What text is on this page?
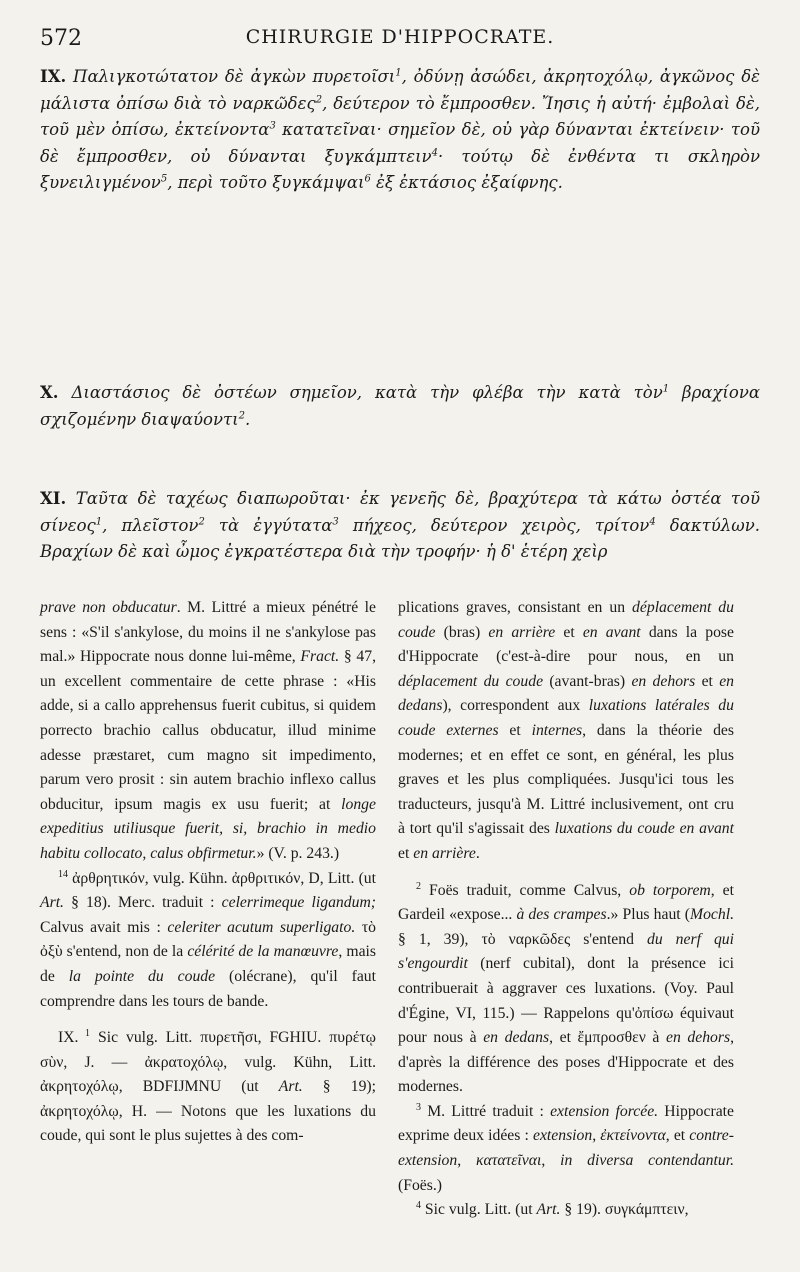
572	CHIRURGIE D'HIPPOCRATE.

IX. Παλιγκοτώτατον δὲ ἀγκὼν πυρετοῖσι$^1$, ὀδύνῃ ἀσώδει, ἀκρητοχόλῳ, ἀγκῶνος δὲ μάλιστα ὀπίσω διὰ τὸ ναρκῶδες$^2$, δεύτερον τὸ ἔμπροσθεν. Ἴησις ἡ αὐτή· ἐμβολαὶ δὲ, τοῦ μὲν ὀπίσω, ἐκτείνοντα$^3$ κατατεῖναι· σημεῖον δὲ, οὐ γὰρ δύνανται ἐκτείνειν· τοῦ δὲ ἔμπροσθεν, οὐ δύνανται ξυγκάμπτειν$^4$· τούτῳ δὲ ἐνθέντα τι σκληρὸν ξυνειλιγμένον$^5$, περὶ τοῦτο ξυγκάμψαι$^6$ ἐξ ἐκτάσιος ἐξαίφνης.

X. Διαστάσιος δὲ ὀστέων σημεῖον, κατὰ τὴν φλέβα τὴν κατὰ τὸν$^1$ βραχίονα σχιζομένην διαψαύοντι$^2$.

XI. Ταῦτα δὲ ταχέως διαπωροῦται· ἐκ γενεῆς δὲ, βραχύτερα τὰ κάτω ὀστέα τοῦ σίνεος$^1$, πλεῖστον$^2$ τὰ ἐγγύτατα$^3$ πήχεος, δεύτερον χειρὸς, τρίτον$^4$ δακτύλων. Βραχίων δὲ καὶ ὦμος ἐγκρατέστερα διὰ τὴν τροφήν· ἡ δ' ἑτέρη χεὶρ

prave non obducatur. M. Littré a mieux pénétré le sens : «S'il s'ankylose, du moins il ne s'ankylose pas mal.» Hippocrate nous donne lui-même, Fract. § 47, un excellent commentaire de cette phrase : «His adde, si a callo apprehensus fuerit cubitus, si quidem porrecto brachio callus obducatur, illud minime adesse præstaret, cum magno sit impedimento, parum vero prosit : sin autem brachio inflexo callus obducitur, ipsum magis ex usu fuerit; at longe expeditius utiliusque fuerit, si, brachio in medio habitu collocato, calus obfirmetur.» (V. p. 243.)

$^{14}$ ἀρθρητικόν, vulg. Kühn. ἀρθριτικόν, D, Litt. (ut Art. § 18). Merc. traduit : celerrimeque ligandum; Calvus avait mis : celeriter acutum superligato. τὸ ὀξὺ s'entend, non de la célérité de la manœuvre, mais de la pointe du coude (olécrane), qu'il faut comprendre dans les tours de bande.

IX. $^1$ Sic vulg. Litt. πυρετῆσι, FGHIU. πυρέτῳ σὺν, J. — ἀκρατοχόλῳ, vulg. Kühn, Litt. ἀκρητοχόλῳ, BDFIJMNU (ut Art. § 19); ἀκρητοχόλῳ, H. — Notons que les luxations du coude, qui sont le plus sujettes à des com-

plications graves, consistant en un déplacement du coude (bras) en arrière et en avant dans la pose d'Hippocrate (c'est-à-dire pour nous, en un déplacement du coude (avant-bras) en dehors et en dedans), correspondent aux luxations latérales du coude externes et internes, dans la théorie des modernes; et en effet ce sont, en général, les plus graves et les plus compliquées. Jusqu'ici tous les traducteurs, jusqu'à M. Littré inclusivement, ont cru à tort qu'il s'agissait des luxations du coude en avant et en arrière.

$^2$ Foës traduit, comme Calvus, ob torporem, et Gardeil «expose... à des crampes.» Plus haut (Mochl. § 1, 39), τὸ ναρκῶδες s'entend du nerf qui s'engourdit (nerf cubital), dont la présence ici contribuerait à aggraver ces luxations. (Voy. Paul d'Égine, VI, 115.) — Rappelons qu'ὀπίσω équivaut pour nous à en dedans, et ἔμπροσθεν à en dehors, d'après la différence des poses d'Hippocrate et des modernes.

$^3$ M. Littré traduit : extension forcée. Hippocrate exprime deux idées : extension, ἐκτείνοντα, et contre-extension, κατατεῖναι, in diversa contendantur. (Foës.)

$^4$ Sic vulg. Litt. (ut Art. § 19). συγκάμπτειν,
